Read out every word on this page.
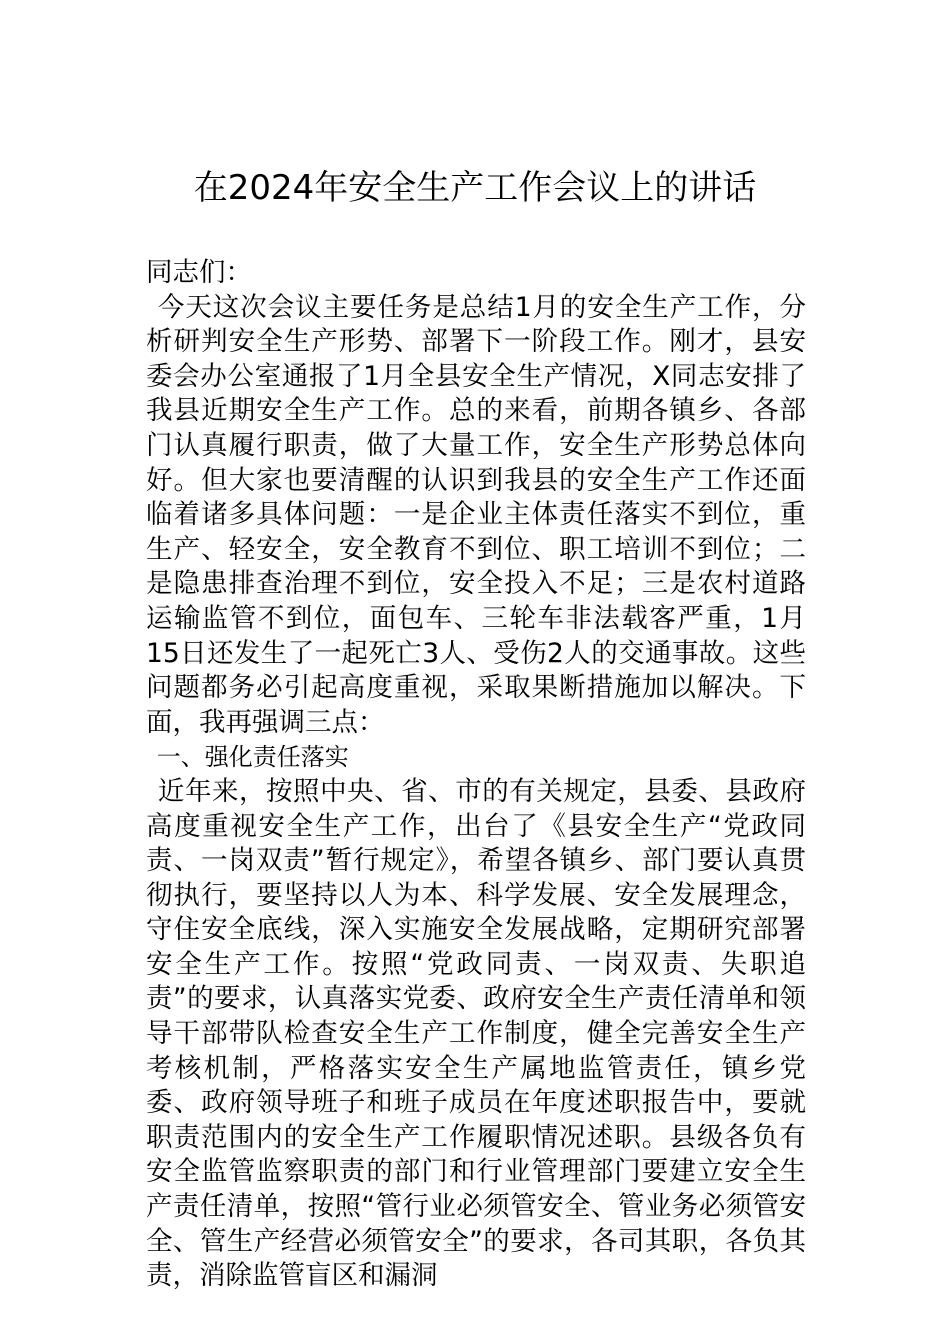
在2024年安全生产工作会议上的讲话

同志们：

今天这次会议主要任务是总结1月的安全生产工作，分析研判安全生产形势、部署下一阶段工作。刚才，县安委会办公室通报了1月全县安全生产情况，X同志安排了我县近期安全生产工作。总的来看，前期各镇乡、各部门认真履行职责，做了大量工作，安全生产形势总体向好。但大家也要清醒的认识到我县的安全生产工作还面临着诸多具体问题：一是企业主体责任落实不到位，重生产、轻安全，安全教育不到位、职工培训不到位；二是隐患排查治理不到位，安全投入不足；三是农村道路运输监管不到位，面包车、三轮车非法载客严重，1月15日还发生了一起死亡3人、受伤2人的交通事故。这些问题都务必引起高度重视，采取果断措施加以解决。下面，我再强调三点：

一、强化责任落实

近年来，按照中央、省、市的有关规定，县委、县政府高度重视安全生产工作，出台了《县安全生产“党政同责、一岗双责”暂行规定》，希望各镇乡、部门要认真贯彻执行，要坚持以人为本、科学发展、安全发展理念，守住安全底线，深入实施安全发展战略，定期研究部署安全生产工作。按照“党政同责、一岗双责、失职追责”的要求，认真落实党委、政府安全生产责任清单和领导干部带队检查安全生产工作制度，健全完善安全生产考核机制，严格落实安全生产属地监管责任，镇乡党委、政府领导班子和班子成员在年度述职报告中，要就职责范围内的安全生产工作履职情况述职。县级各负有安全监管监察职责的部门和行业管理部门要建立安全生产责任清单，按照“管行业必须管安全、管业务必须管安全、管生产经营必须管安全”的要求，各司其职，各负其责，消除监管盲区和漏洞
